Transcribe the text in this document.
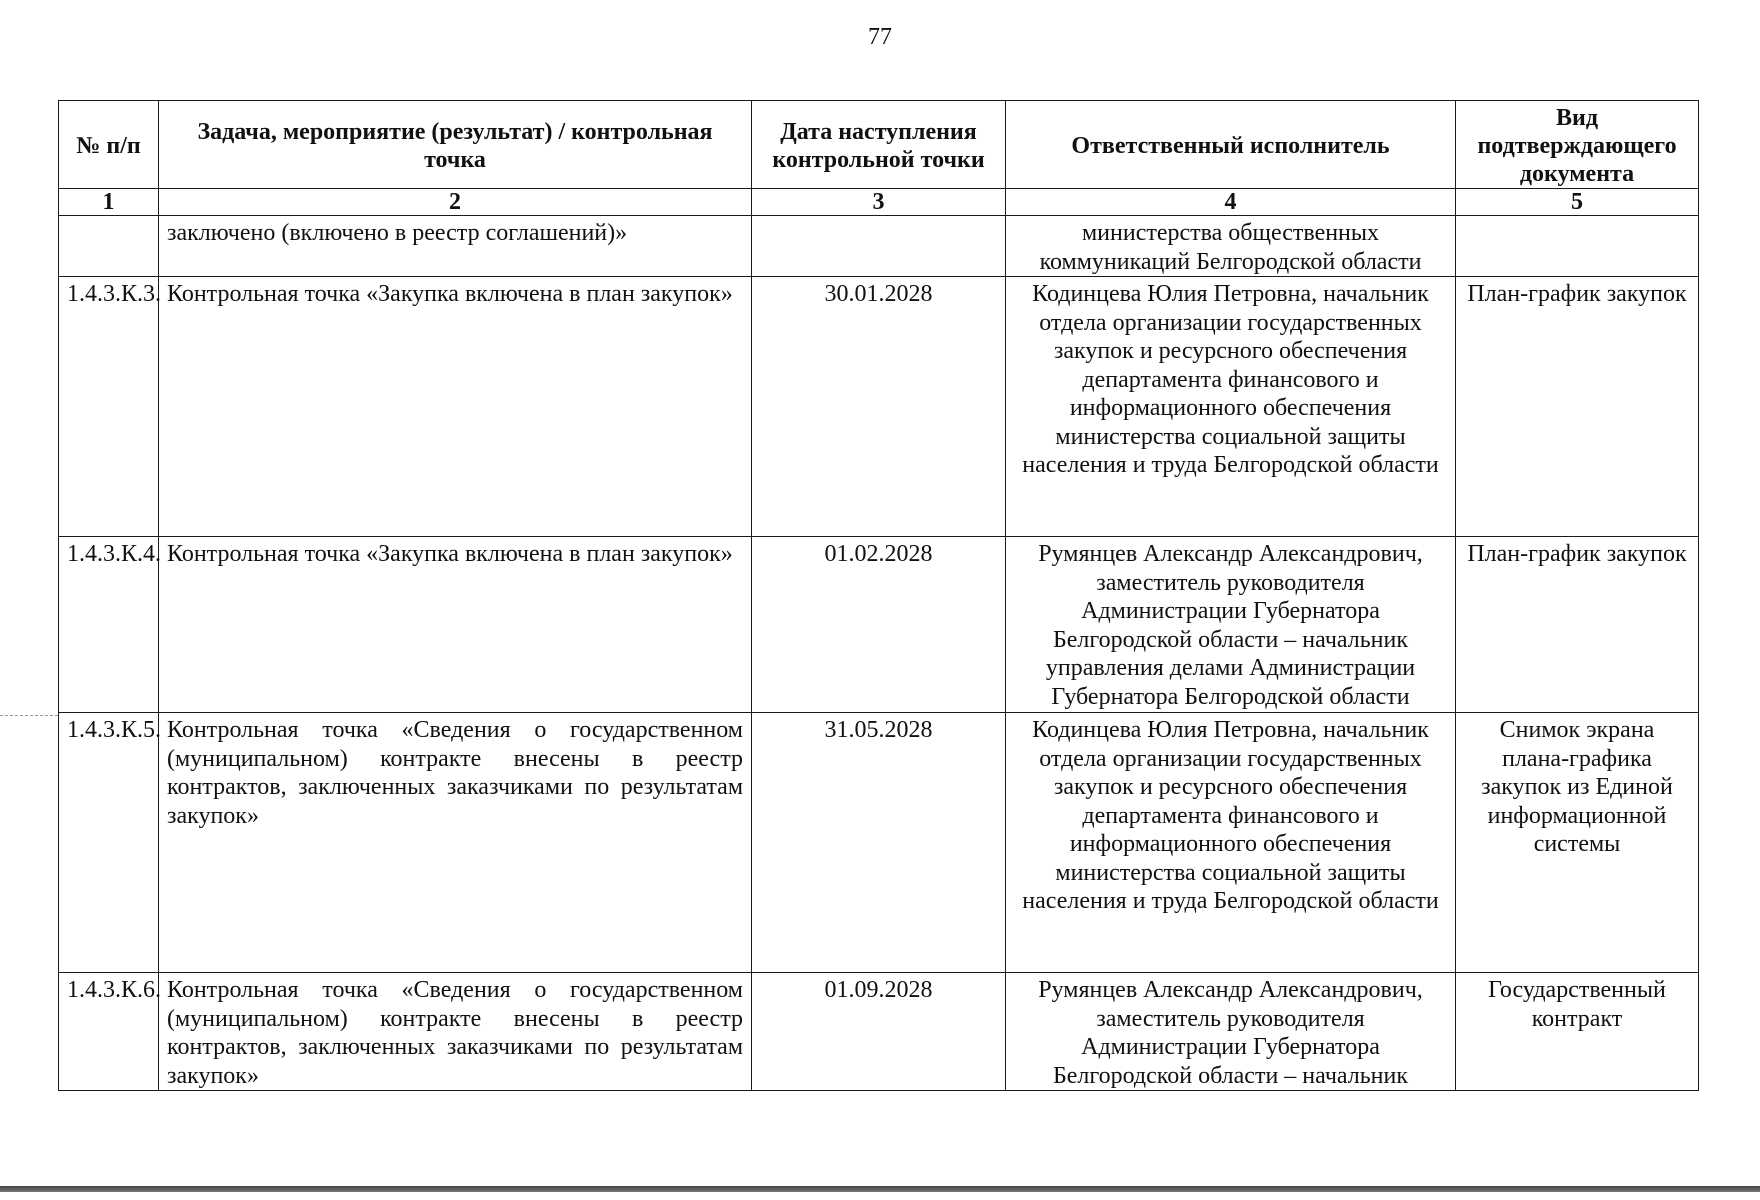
77
№ п/п	Задача, мероприятие (результат) / контрольная точка	Дата наступления контрольной точки	Ответственный исполнитель	Вид подтверждающего документа
1	2	3	4	5
	заключено (включено в реестр соглашений)»		министерства общественных коммуникаций Белгородской области	
1.4.3.К.3.	Контрольная точка «Закупка включена в план закупок»	30.01.2028	Кодинцева Юлия Петровна, начальник отдела организации государственных закупок и ресурсного обеспечения департамента финансового и информационного обеспечения министерства социальной защиты населения и труда Белгородской области	План-график закупок
1.4.3.К.4.	Контрольная точка «Закупка включена в план закупок»	01.02.2028	Румянцев Александр Александрович, заместитель руководителя Администрации Губернатора Белгородской области – начальник управления делами Администрации Губернатора Белгородской области	План-график закупок
1.4.3.К.5.	Контрольная точка «Сведения о государственном (муниципальном) контракте внесены в реестр контрактов, заключенных заказчиками по результатам закупок»	31.05.2028	Кодинцева Юлия Петровна, начальник отдела организации государственных закупок и ресурсного обеспечения департамента финансового и информационного обеспечения министерства социальной защиты населения и труда Белгородской области	Снимок экрана плана-графика закупок из Единой информационной системы
1.4.3.К.6.	Контрольная точка «Сведения о государственном (муниципальном) контракте внесены в реестр контрактов, заключенных заказчиками по результатам закупок»	01.09.2028	Румянцев Александр Александрович, заместитель руководителя Администрации Губернатора Белгородской области – начальник	Государственный контракт
